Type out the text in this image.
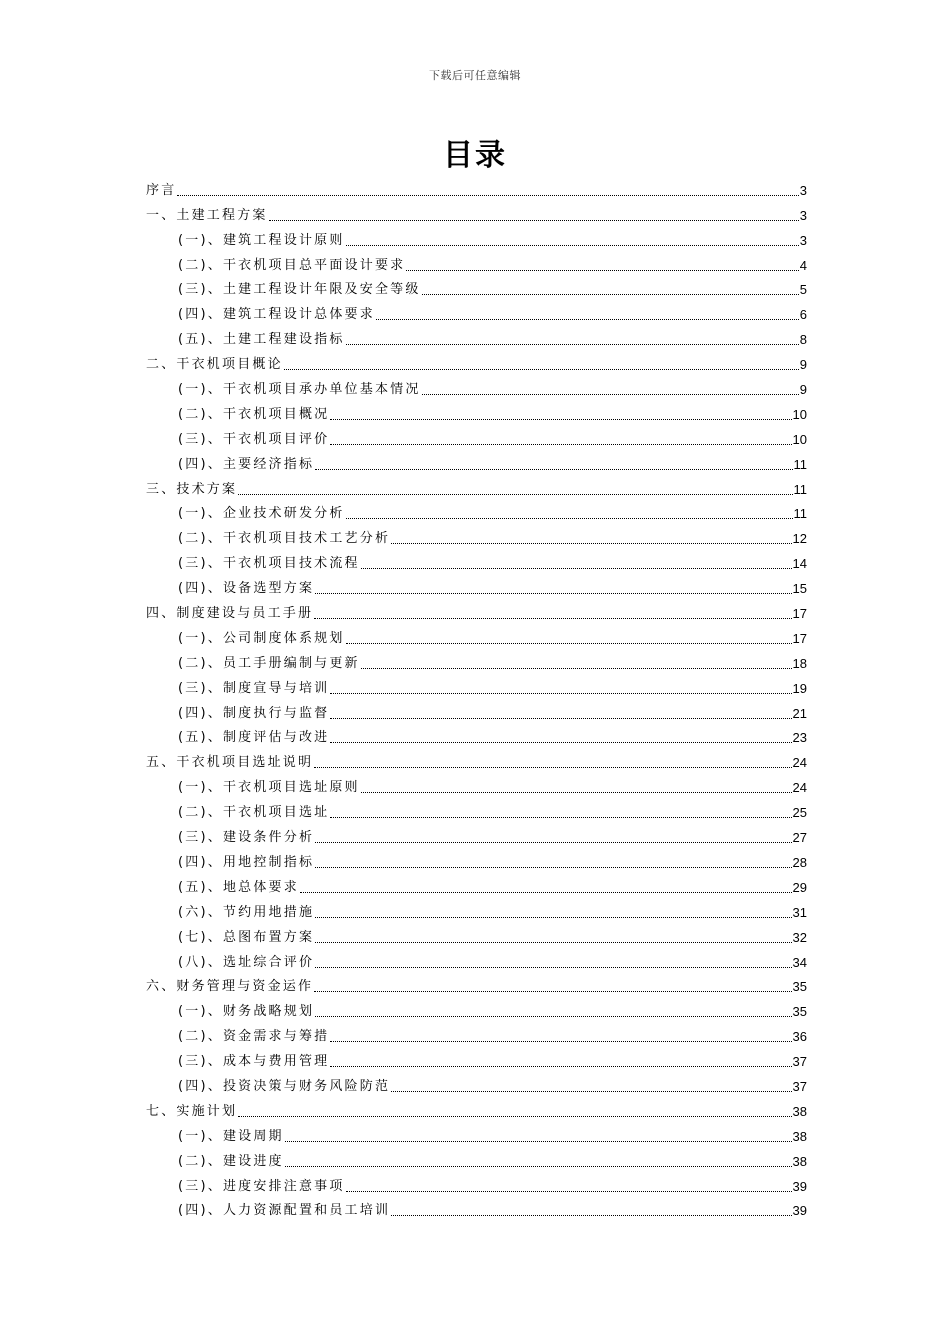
下载后可任意编辑
目录
序言	3
一、土建工程方案	3
(一)、建筑工程设计原则	3
(二)、干衣机项目总平面设计要求	4
(三)、土建工程设计年限及安全等级	5
(四)、建筑工程设计总体要求	6
(五)、土建工程建设指标	8
二、干衣机项目概论	9
(一)、干衣机项目承办单位基本情况	9
(二)、干衣机项目概况	10
(三)、干衣机项目评价	10
(四)、主要经济指标	11
三、技术方案	11
(一)、企业技术研发分析	11
(二)、干衣机项目技术工艺分析	12
(三)、干衣机项目技术流程	14
(四)、设备选型方案	15
四、制度建设与员工手册	17
(一)、公司制度体系规划	17
(二)、员工手册编制与更新	18
(三)、制度宣导与培训	19
(四)、制度执行与监督	21
(五)、制度评估与改进	23
五、干衣机项目选址说明	24
(一)、干衣机项目选址原则	24
(二)、干衣机项目选址	25
(三)、建设条件分析	27
(四)、用地控制指标	28
(五)、地总体要求	29
(六)、节约用地措施	31
(七)、总图布置方案	32
(八)、选址综合评价	34
六、财务管理与资金运作	35
(一)、财务战略规划	35
(二)、资金需求与筹措	36
(三)、成本与费用管理	37
(四)、投资决策与财务风险防范	37
七、实施计划	38
(一)、建设周期	38
(二)、建设进度	38
(三)、进度安排注意事项	39
(四)、人力资源配置和员工培训	39
